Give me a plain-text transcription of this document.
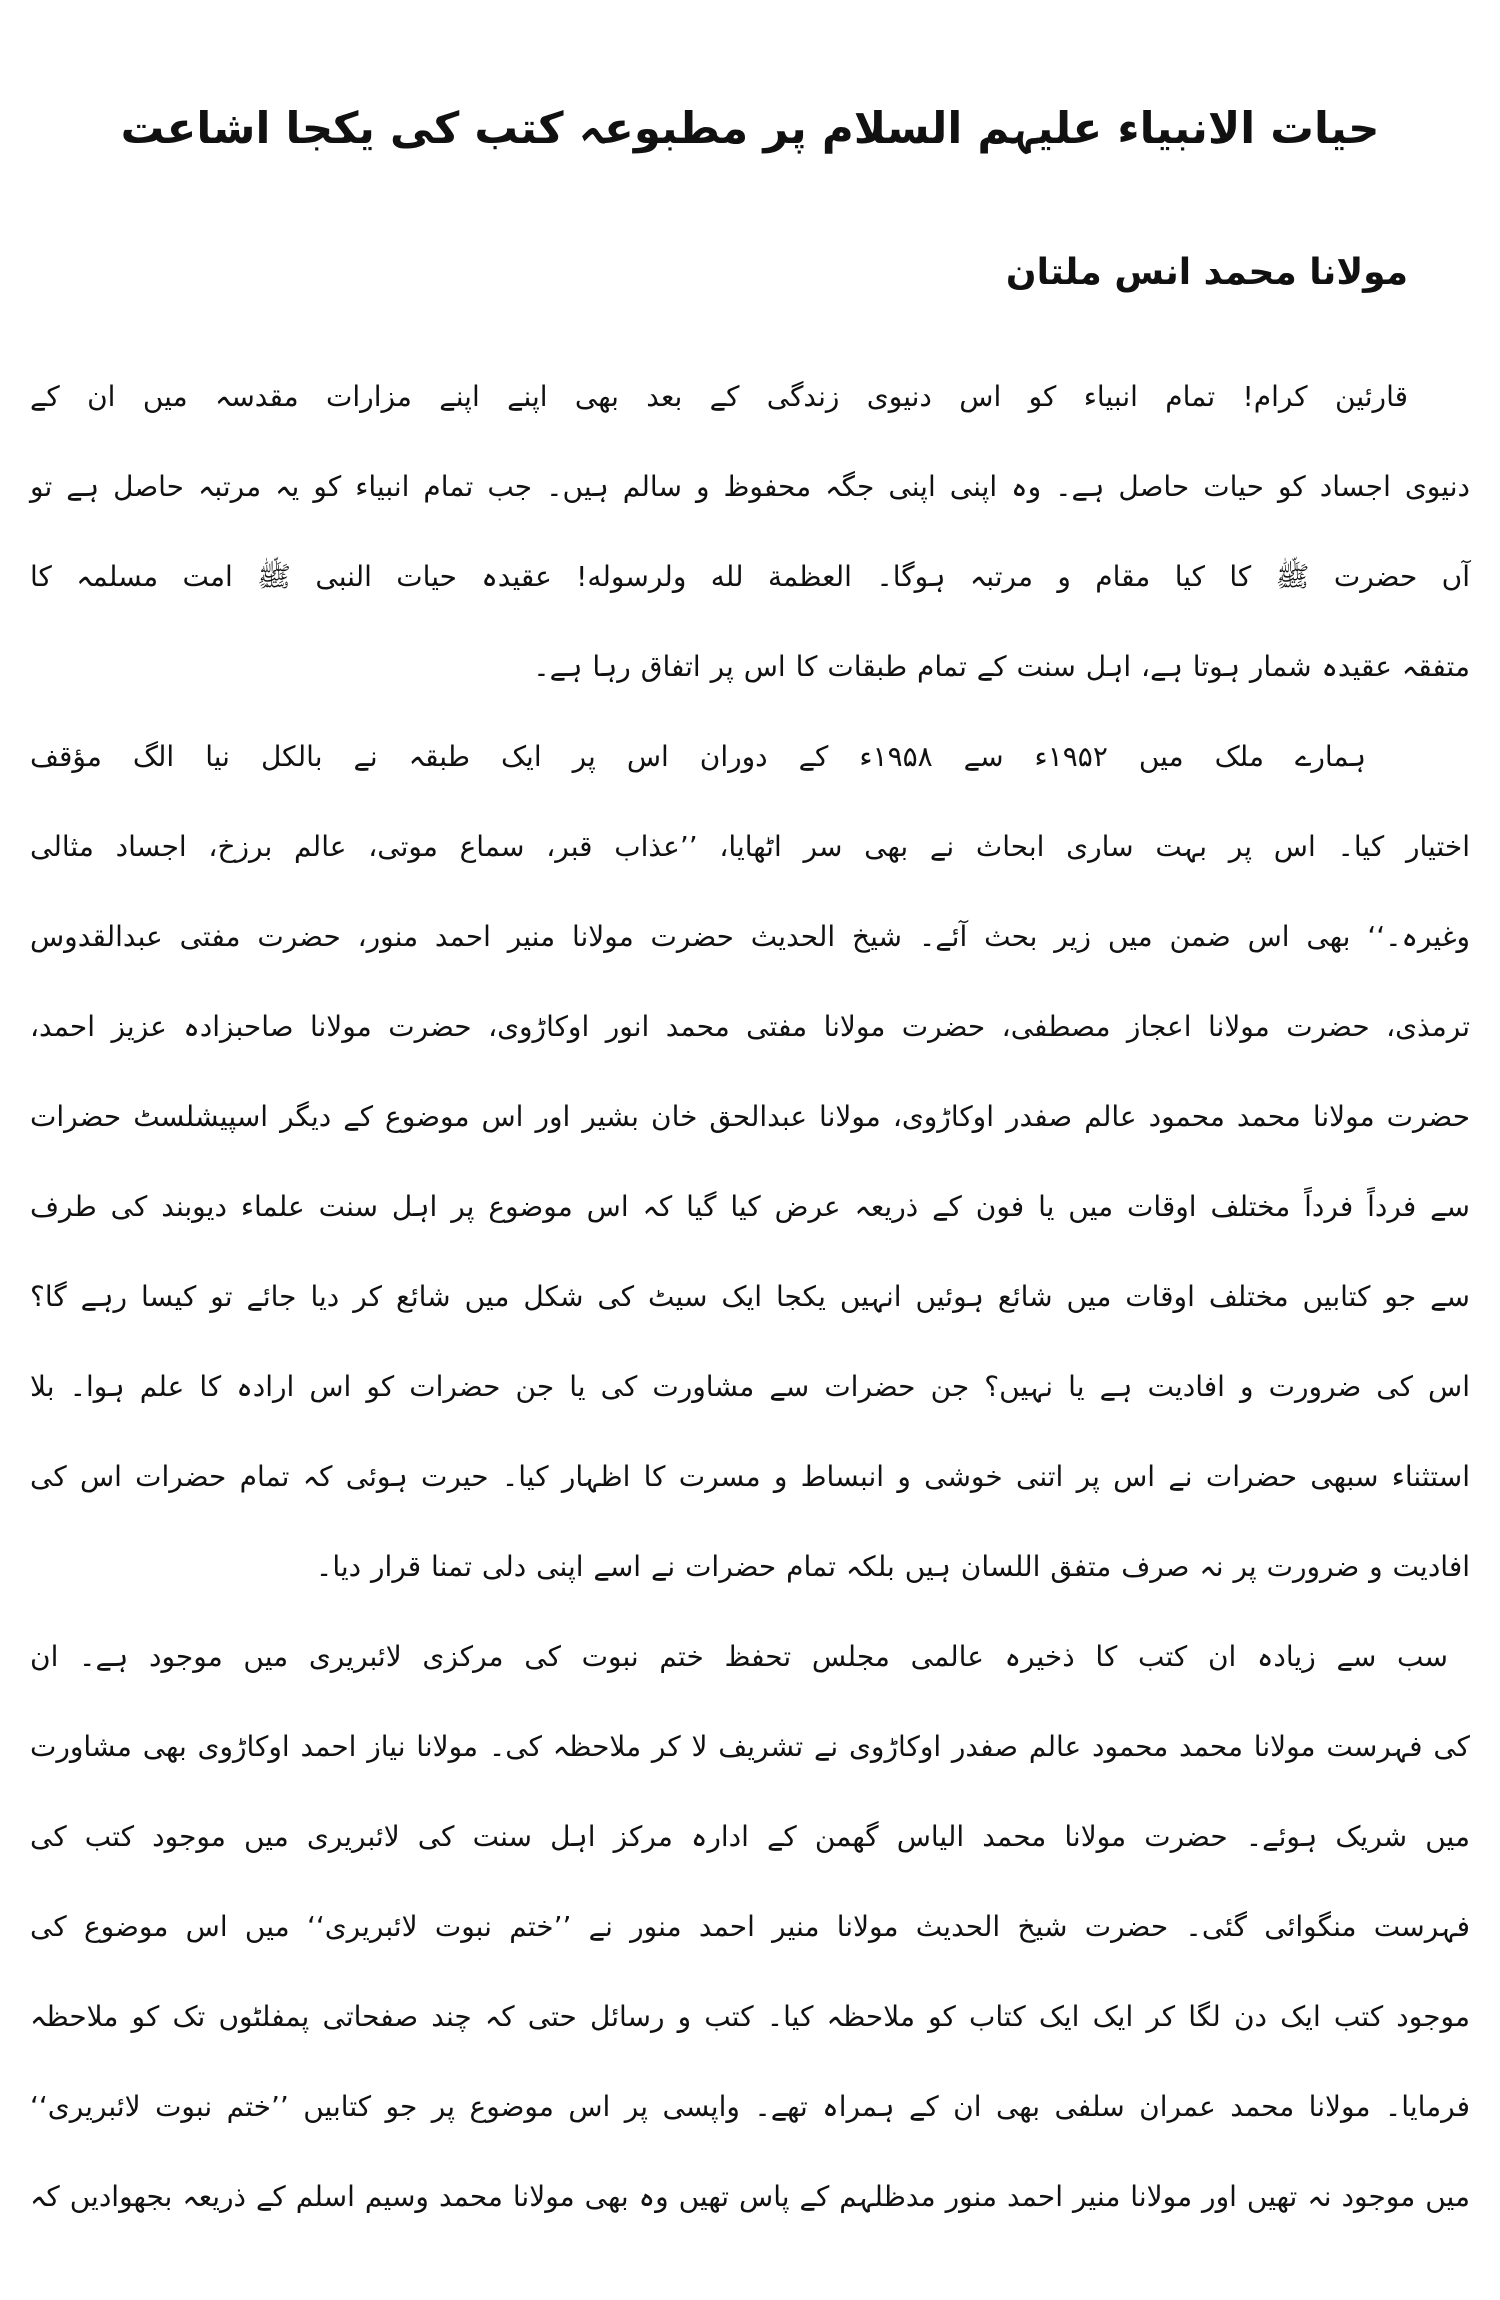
حیات الانبیاء علیہم السلام پر مطبوعہ کتب کی یکجا اشاعت
مولانا محمد انس ملتان
قارئین کرام! تمام انبیاء کو اس دنیوی زندگی کے بعد بھی اپنے اپنے مزارات مقدسہ میں ان کے
دنیوی اجساد کو حیات حاصل ہے۔ وہ اپنی اپنی جگہ محفوظ و سالم ہیں۔ جب تمام انبیاء کو یہ مرتبہ حاصل ہے تو
آں حضرت ﷺ کا کیا مقام و مرتبہ ہوگا۔ العظمة لله ولرسوله! عقیدہ حیات النبی ﷺ امت مسلمہ کا
متفقہ عقیدہ شمار ہوتا ہے، اہل سنت کے تمام طبقات کا اس پر اتفاق رہا ہے۔
ہمارے ملک میں ۱۹۵۲ء سے ۱۹۵۸ء کے دوران اس پر ایک طبقہ نے بالکل نیا الگ مؤقف
اختیار کیا۔ اس پر بہت ساری ابحاث نے بھی سر اٹھایا، ’’عذاب قبر، سماع موتی، عالم برزخ، اجساد مثالی
وغیرہ۔‘‘ بھی اس ضمن میں زیر بحث آئے۔ شیخ الحدیث حضرت مولانا منیر احمد منور، حضرت مفتی عبدالقدوس
ترمذی، حضرت مولانا اعجاز مصطفی، حضرت مولانا مفتی محمد انور اوکاڑوی، حضرت مولانا صاحبزادہ عزیز احمد،
حضرت مولانا محمد محمود عالم صفدر اوکاڑوی، مولانا عبدالحق خان بشیر اور اس موضوع کے دیگر اسپیشلسٹ حضرات
سے فرداً فرداً مختلف اوقات میں یا فون کے ذریعہ عرض کیا گیا کہ اس موضوع پر اہل سنت علماء دیوبند کی طرف
سے جو کتابیں مختلف اوقات میں شائع ہوئیں انہیں یکجا ایک سیٹ کی شکل میں شائع کر دیا جائے تو کیسا رہے گا؟
اس کی ضرورت و افادیت ہے یا نہیں؟ جن حضرات سے مشاورت کی یا جن حضرات کو اس ارادہ کا علم ہوا۔ بلا
استثناء سبھی حضرات نے اس پر اتنی خوشی و انبساط و مسرت کا اظہار کیا۔ حیرت ہوئی کہ تمام حضرات اس کی
افادیت و ضرورت پر نہ صرف متفق اللسان ہیں بلکہ تمام حضرات نے اسے اپنی دلی تمنا قرار دیا۔
سب سے زیادہ ان کتب کا ذخیرہ عالمی مجلس تحفظ ختم نبوت کی مرکزی لائبریری میں موجود ہے۔ ان
کی فہرست مولانا محمد محمود عالم صفدر اوکاڑوی نے تشریف لا کر ملاحظہ کی۔ مولانا نیاز احمد اوکاڑوی بھی مشاورت
میں شریک ہوئے۔ حضرت مولانا محمد الیاس گھمن کے ادارہ مرکز اہل سنت کی لائبریری میں موجود کتب کی
فہرست منگوائی گئی۔ حضرت شیخ الحدیث مولانا منیر احمد منور نے ’’ختم نبوت لائبریری‘‘ میں اس موضوع کی
موجود کتب ایک دن لگا کر ایک ایک کتاب کو ملاحظہ کیا۔ کتب و رسائل حتی کہ چند صفحاتی پمفلٹوں تک کو ملاحظہ
فرمایا۔ مولانا محمد عمران سلفی بھی ان کے ہمراہ تھے۔ واپسی پر اس موضوع پر جو کتابیں ’’ختم نبوت لائبریری‘‘
میں موجود نہ تھیں اور مولانا منیر احمد منور مدظلہم کے پاس تھیں وہ بھی مولانا محمد وسیم اسلم کے ذریعہ بجھوادیں کہ
